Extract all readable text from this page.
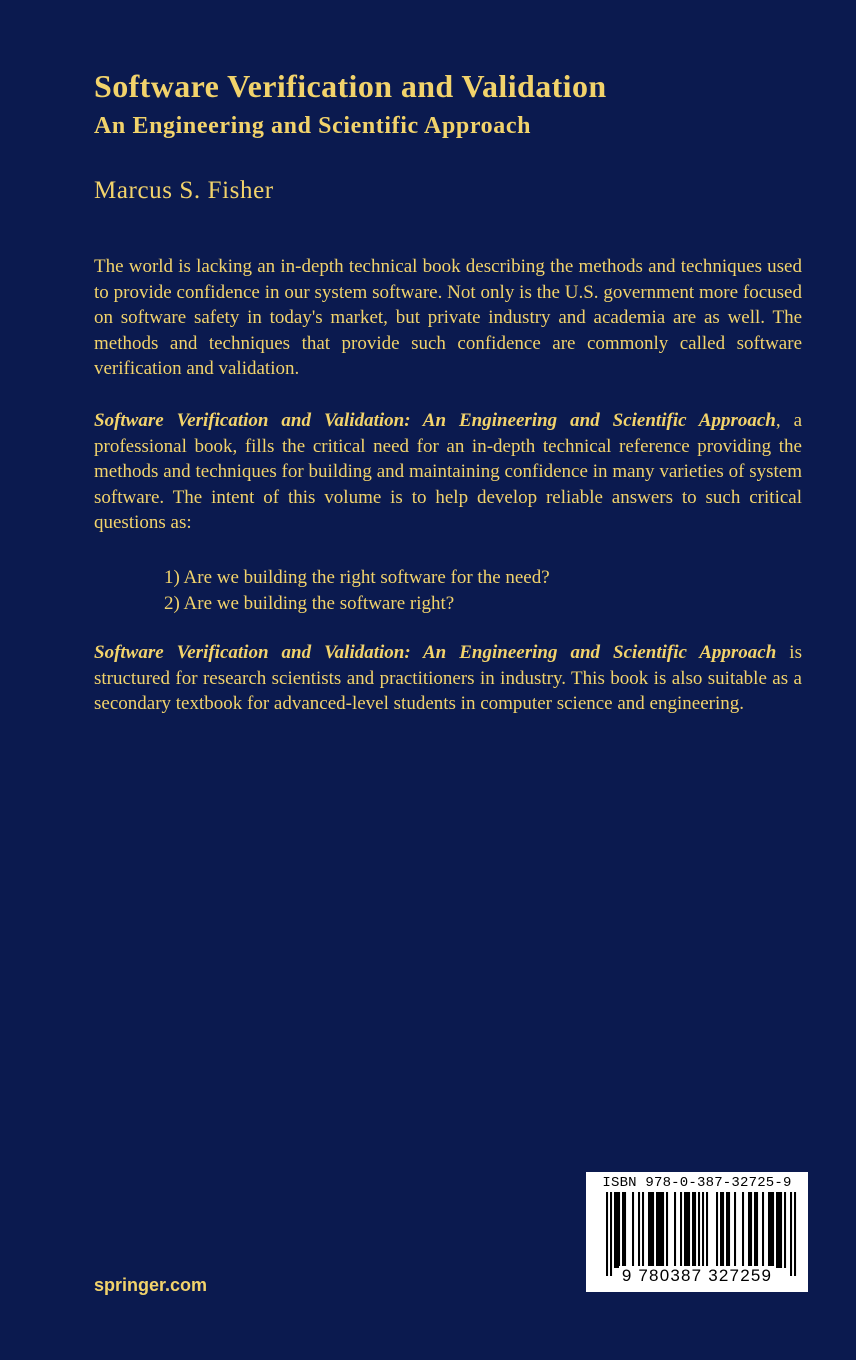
Software Verification and Validation
An Engineering and Scientific Approach

Marcus S. Fisher

The world is lacking an in-depth technical book describing the methods and techniques used to provide confidence in our system software. Not only is the U.S. government more focused on software safety in today's market, but private industry and academia are as well. The methods and techniques that provide such confidence are commonly called software verification and validation.

Software Verification and Validation: An Engineering and Scientific Approach, a professional book, fills the critical need for an in-depth technical reference providing the methods and techniques for building and maintaining confidence in many varieties of system software. The intent of this volume is to help develop reliable answers to such critical questions as:

1) Are we building the right software for the need?

2) Are we building the software right?

Software Verification and Validation: An Engineering and Scientific Approach is structured for research scientists and practitioners in industry. This book is also suitable as a secondary textbook for advanced-level students in computer science and engineering.

springer.com

ISBN 978-0-387-32725-9
9 780387 327259
